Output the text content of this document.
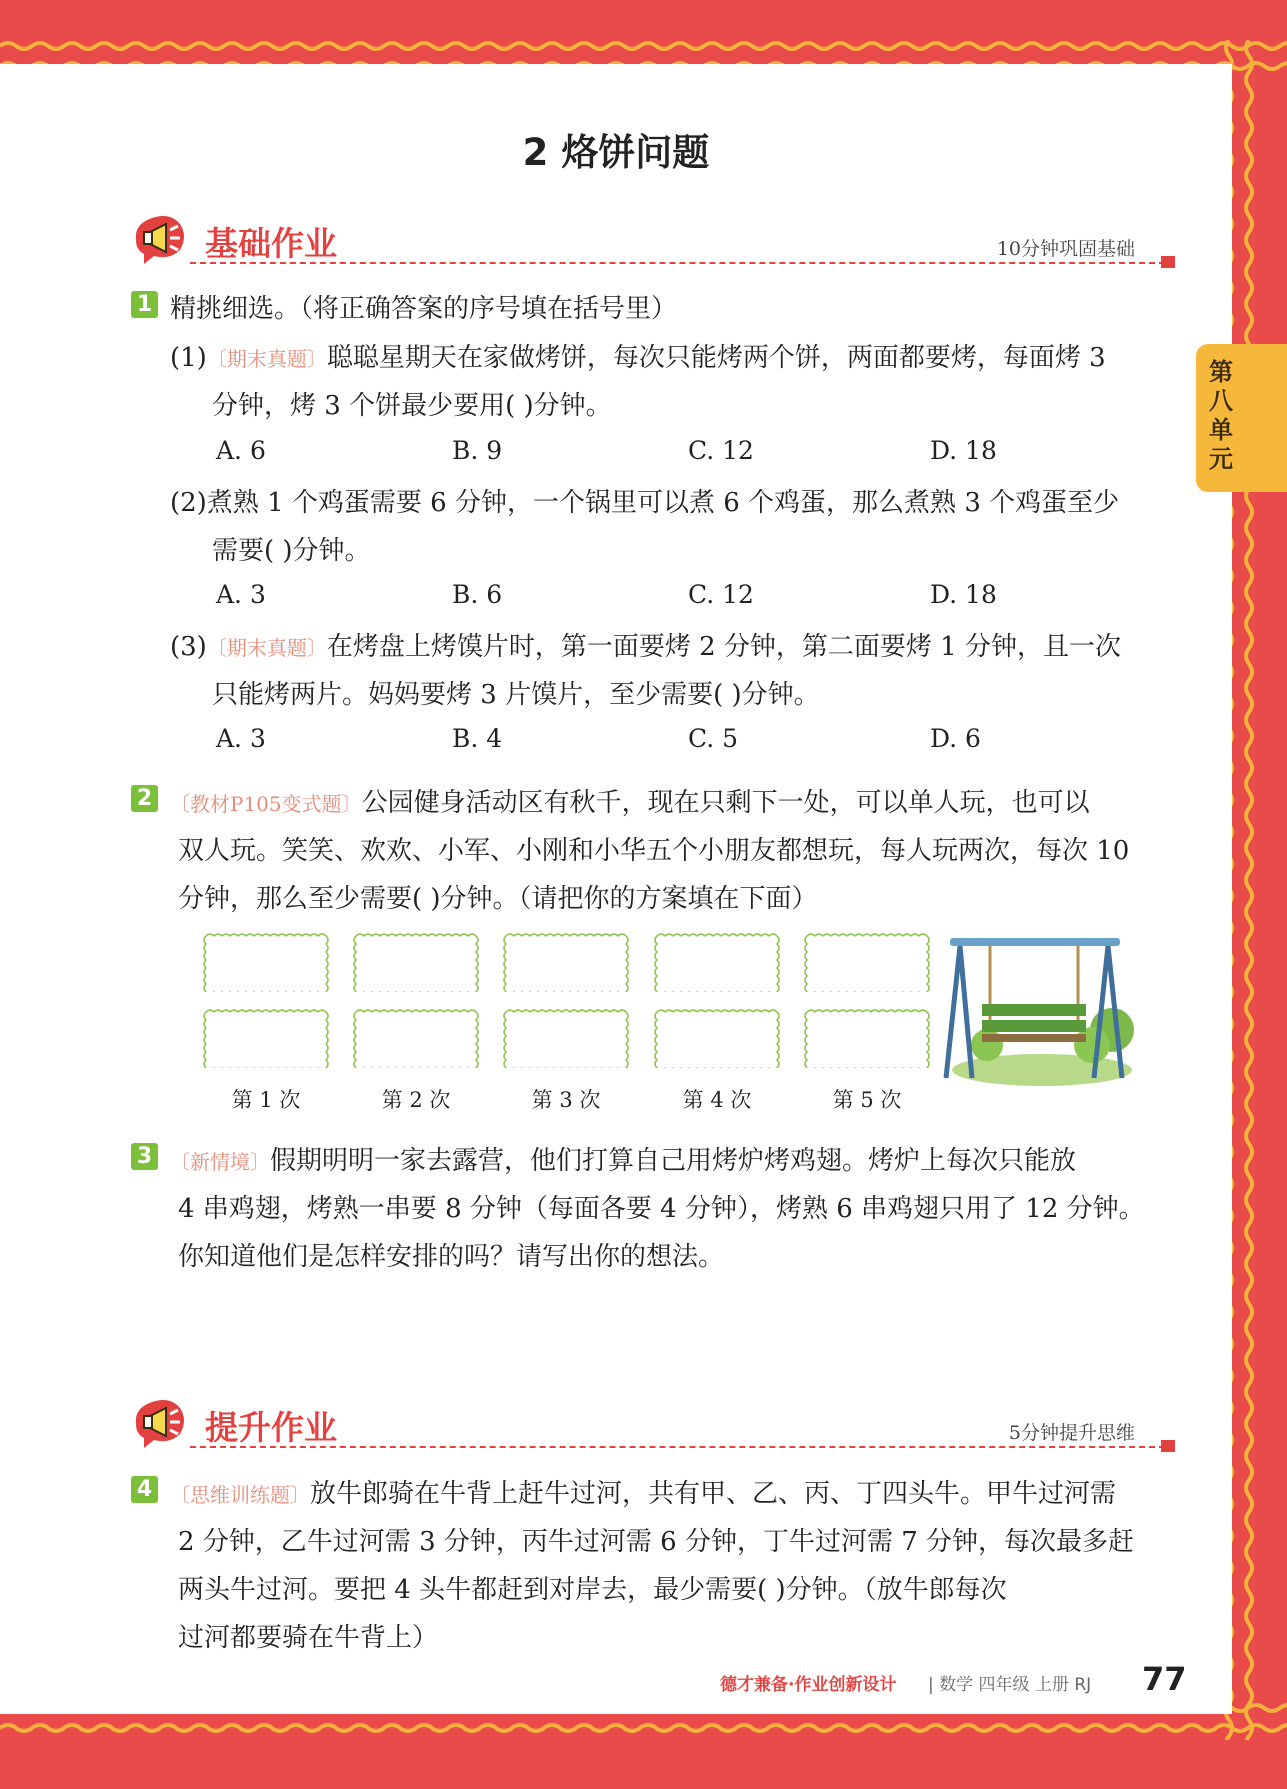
第八单元
2 烙饼问题
基础作业	10分钟巩固基础
1 精挑细选。（将正确答案的序号填在括号里）
(1)〔期末真题〕聪聪星期天在家做烤饼，每次只能烤两个饼，两面都要烤，每面烤 3
分钟，烤 3 个饼最少要用( )分钟。
A. 6	B. 9	C. 12	D. 18
(2)煮熟 1 个鸡蛋需要 6 分钟，一个锅里可以煮 6 个鸡蛋，那么煮熟 3 个鸡蛋至少
需要( )分钟。
A. 3	B. 6	C. 12	D. 18
(3)〔期末真题〕在烤盘上烤馍片时，第一面要烤 2 分钟，第二面要烤 1 分钟，且一次
只能烤两片。妈妈要烤 3 片馍片，至少需要( )分钟。
A. 3	B. 4	C. 5	D. 6
2 〔教材P105变式题〕公园健身活动区有秋千，现在只剩下一处，可以单人玩，也可以
双人玩。笑笑、欢欢、小军、小刚和小华五个小朋友都想玩，每人玩两次，每次 10
分钟，那么至少需要( )分钟。（请把你的方案填在下面）
第 1 次	第 2 次	第 3 次	第 4 次	第 5 次
3 〔新情境〕假期明明一家去露营，他们打算自己用烤炉烤鸡翅。烤炉上每次只能放
4 串鸡翅，烤熟一串要 8 分钟（每面各要 4 分钟），烤熟 6 串鸡翅只用了 12 分钟。
你知道他们是怎样安排的吗？请写出你的想法。
提升作业	5分钟提升思维
4 〔思维训练题〕放牛郎骑在牛背上赶牛过河，共有甲、乙、丙、丁四头牛。甲牛过河需
2 分钟，乙牛过河需 3 分钟，丙牛过河需 6 分钟，丁牛过河需 7 分钟，每次最多赶
两头牛过河。要把 4 头牛都赶到对岸去，最少需要( )分钟。（放牛郎每次
过河都要骑在牛背上）
德才兼备·作业创新设计 | 数学 四年级 上册 RJ 77
